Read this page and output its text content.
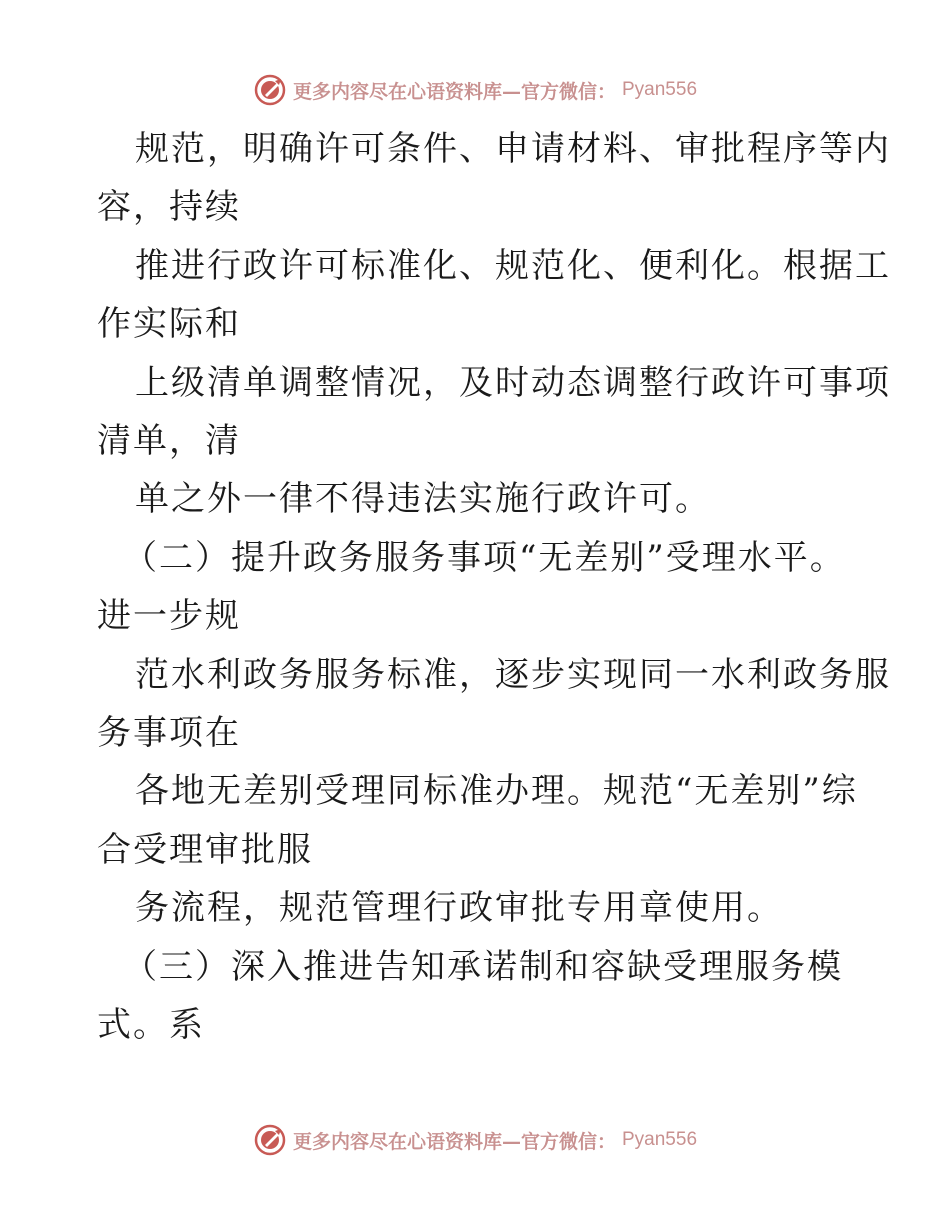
更多内容尽在心语资料库—官方微信： Pyan556

规范，明确许可条件、申请材料、审批程序等内
容，持续

推进行政许可标准化、规范化、便利化。根据工
作实际和

上级清单调整情况，及时动态调整行政许可事项
清单，清

单之外一律不得违法实施行政许可。

（二）提升政务服务事项“无差别”受理水平。
进一步规

范水利政务服务标准，逐步实现同一水利政务服
务事项在

各地无差别受理同标准办理。规范“无差别”综
合受理审批服

务流程，规范管理行政审批专用章使用。

（三）深入推进告知承诺制和容缺受理服务模
式。系

更多内容尽在心语资料库—官方微信： Pyan556
